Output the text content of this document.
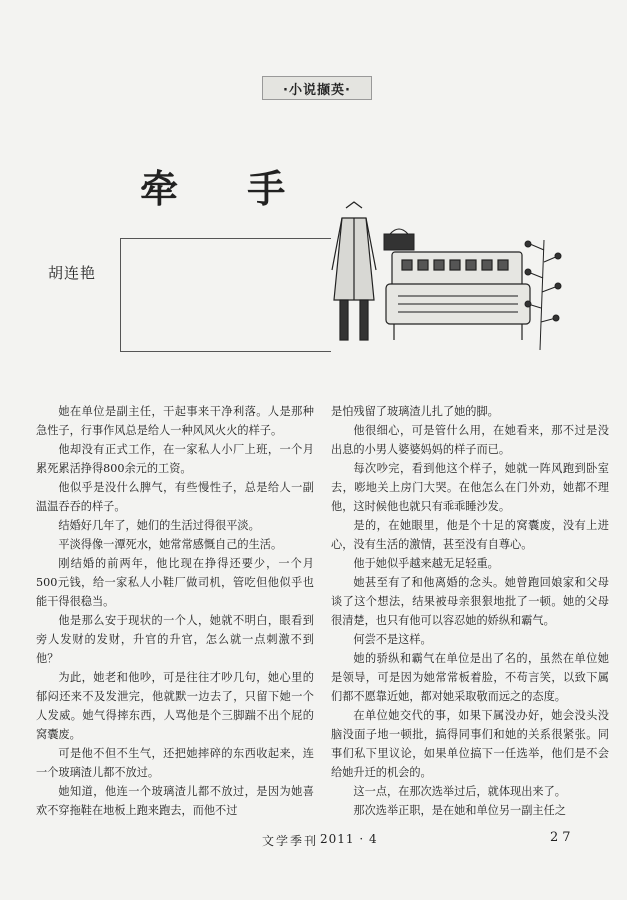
·小说撷英·
牵 手
胡连艳

她在单位是副主任，干起事来干净利落。人是那种急性子，行事作风总是给人一种风风火火的样子。

他却没有正式工作，在一家私人小厂上班，一个月累死累活挣得800余元的工资。

他似乎是没什么脾气，有些慢性子，总是给人一副温温吞吞的样子。

结婚好几年了，她们的生活过得很平淡。

平淡得像一潭死水，她常常感慨自己的生活。

刚结婚的前两年，他比现在挣得还要少，一个月500元钱，给一家私人小鞋厂做司机，管吃但他似乎也能干得很稳当。

他是那么安于现状的一个人，她就不明白，眼看到旁人发财的发财，升官的升官，怎么就一点刺激不到他？

为此，她老和他吵，可是往往才吵几句，她心里的郁闷还来不及发泄完，他就默一边去了，只留下她一个人发威。她气得摔东西，人骂他是个三脚踹不出个屁的窝囊废。

可是他不但不生气，还把她摔碎的东西收起来，连一个玻璃渣儿都不放过。

她知道，他连一个玻璃渣儿都不放过，是因为她喜欢不穿拖鞋在地板上跑来跑去，而他不过

是怕残留了玻璃渣儿扎了她的脚。

他很细心，可是管什么用，在她看来，那不过是没出息的小男人婆婆妈妈的样子而已。

每次吵完，看到他这个样子，她就一阵风跑到卧室去，嘭地关上房门大哭。在他怎么在门外劝，她都不理他，这时候他也就只有乖乖睡沙发。

是的，在她眼里，他是个十足的窝囊废，没有上进心，没有生活的激情，甚至没有自尊心。

他于她似乎越来越无足轻重。

她甚至有了和他离婚的念头。她曾跑回娘家和父母谈了这个想法，结果被母亲狠狠地批了一顿。她的父母很清楚，也只有他可以容忍她的娇纵和霸气。

何尝不是这样。

她的骄纵和霸气在单位是出了名的，虽然在单位她是领导，可是因为她常常板着脸，不苟言笑，以致下属们都不愿靠近她，都对她采取敬而远之的态度。

在单位她交代的事，如果下属没办好，她会没头没脑没面子地一顿批，搞得同事们和她的关系很紧张。同事们私下里议论，如果单位搞下一任选举，他们是不会给她升迁的机会的。

这一点，在那次选举过后，就体现出来了。

那次选举正职，是在她和单位另一副主任之

文学季刊 2011 · 4	27
